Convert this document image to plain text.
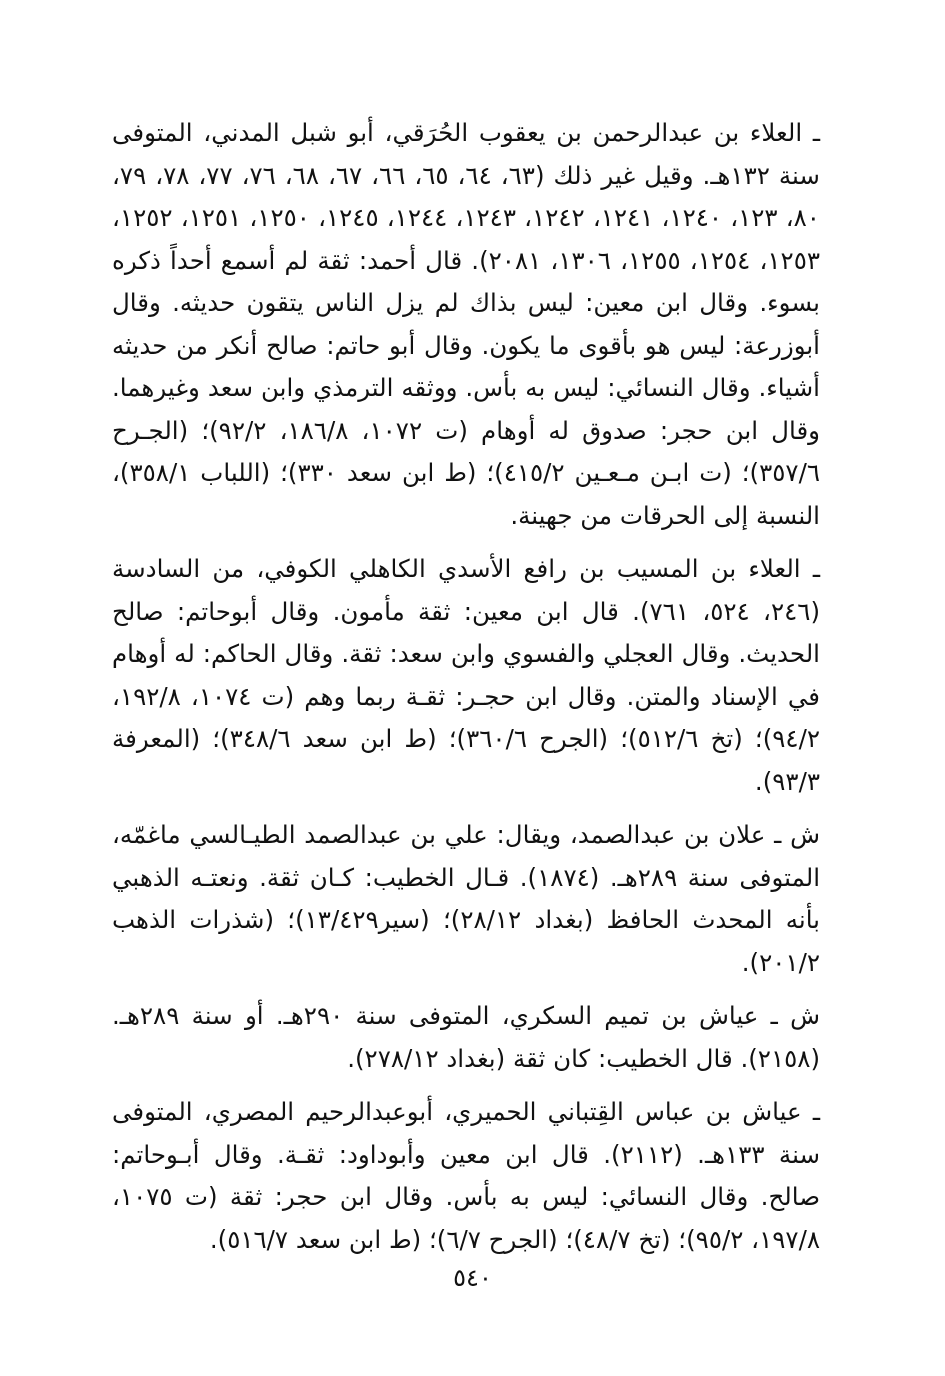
ـ العلاء بن عبدالرحمن بن يعقوب الحُرَقي، أبو شبل المدني، المتوفى سنة ١٣٢هـ. وقيل غير ذلك (٦٣، ٦٤، ٦٥، ٦٦، ٦٧، ٦٨، ٧٦، ٧٧، ٧٨، ٧٩، ٨٠، ١٢٣، ١٢٤٠، ١٢٤١، ١٢٤٢، ١٢٤٣، ١٢٤٤، ١٢٤٥، ١٢٥٠، ١٢٥١، ١٢٥٢، ١٢٥٣، ١٢٥٤، ١٢٥٥، ١٣٠٦، ٢٠٨١). قال أحمد: ثقة لم أسمع أحداً ذكره بسوء. وقال ابن معين: ليس بذاك لم يزل الناس يتقون حديثه. وقال أبوزرعة: ليس هو بأقوى ما يكون. وقال أبو حاتم: صالح أنكر من حديثه أشياء. وقال النسائي: ليس به بأس. ووثقه الترمذي وابن سعد وغيرهما. وقال ابن حجر: صدوق له أوهام (ت ١٠٧٢، ١٨٦/٨، ٩٢/٢)؛ (الجـرح ٣٥٧/٦)؛ (ت ابـن مـعـين ٤١٥/٢)؛ (ط ابن سعد ٣٣٠)؛ (اللباب ٣٥٨/١)، النسبة إلى الحرقات من جهينة.

ـ العلاء بن المسيب بن رافع الأسدي الكاهلي الكوفي، من السادسة (٢٤٦، ٥٢٤، ٧٦١). قال ابن معين: ثقة مأمون. وقال أبوحاتم: صالح الحديث. وقال العجلي والفسوي وابن سعد: ثقة. وقال الحاكم: له أوهام في الإسناد والمتن. وقال ابن حجـر: ثقـة ربما وهم (ت ١٠٧٤، ١٩٢/٨، ٩٤/٢)؛ (تخ ٥١٢/٦)؛ (الجرح ٣٦٠/٦)؛ (ط ابن سعد ٣٤٨/٦)؛ (المعرفة ٩٣/٣).

ش ـ علان بن عبدالصمد، ويقال: علي بن عبدالصمد الطيـالسي ماغمّه، المتوفى سنة ٢٨٩هـ. (١٨٧٤). قـال الخطيب: كـان ثقة. ونعتـه الذهبي بأنه المحدث الحافظ (بغداد ٢٨/١٢)؛ (سير١٣/٤٢٩)؛ (شذرات الذهب ٢٠١/٢).

ش ـ عياش بن تميم السكري، المتوفى سنة ٢٩٠هـ. أو سنة ٢٨٩هـ. (٢١٥٨). قال الخطيب: كان ثقة (بغداد ٢٧٨/١٢).

ـ عياش بن عباس القِتباني الحميري، أبوعبدالرحيم المصري، المتوفى سنة ١٣٣هـ. (٢١١٢). قال ابن معين وأبوداود: ثقـة. وقال أبـوحاتم: صالح. وقال النسائي: ليس به بأس. وقال ابن حجر: ثقة (ت ١٠٧٥، ١٩٧/٨، ٩٥/٢)؛ (تخ ٤٨/٧)؛ (الجرح ٦/٧)؛ (ط ابن سعد ٥١٦/٧).

٥٤٠
